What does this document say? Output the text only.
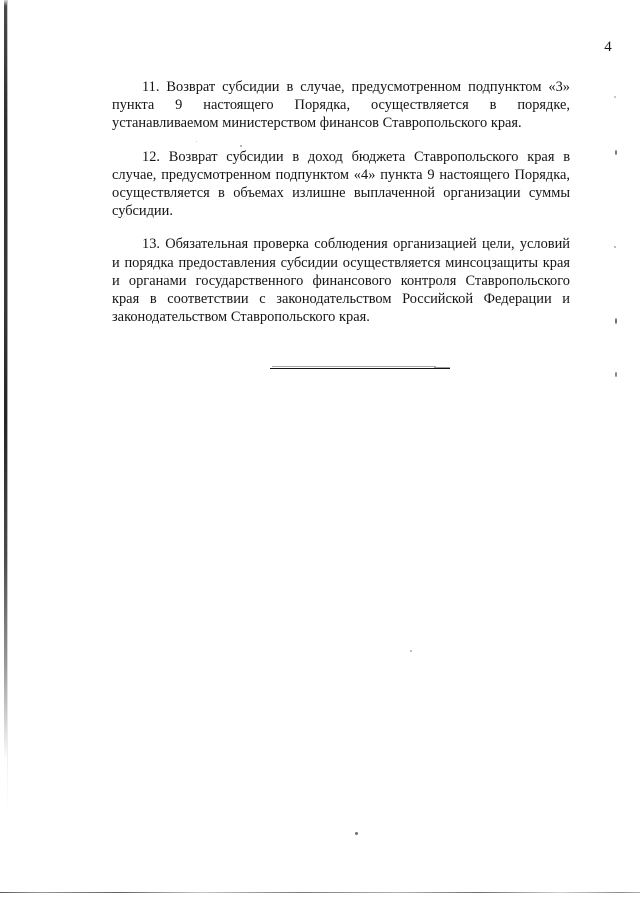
4

11. Возврат субсидии в случае, предусмотренном подпунктом «3» пункта 9 настоящего Порядка, осуществляется в порядке, устанавливаемом министерством финансов Ставропольского края.

12. Возврат субсидии в доход бюджета Ставропольского края в случае, предусмотренном подпунктом «4» пункта 9 настоящего Порядка, осуществляется в объемах излишне выплаченной организации суммы субсидии.

13. Обязательная проверка соблюдения организацией цели, условий и порядка предоставления субсидии осуществляется минсоцзащиты края и органами государственного финансового контроля Ставропольского края в соответствии с законодательством Российской Федерации и законодательством Ставропольского края.
